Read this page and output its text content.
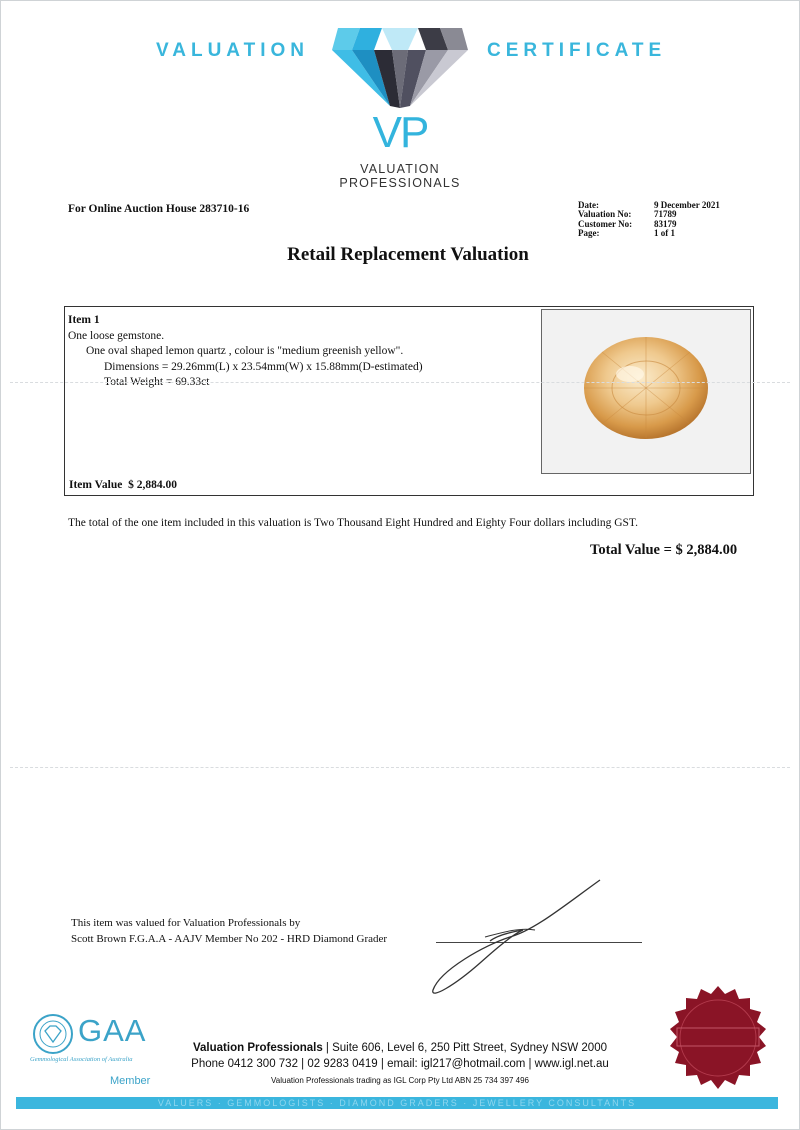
VALUATION	CERTIFICATE
VP
VALUATION
PROFESSIONALS
For Online Auction House 283710-16	Date:	9 December 2021
Valuation No:	71789
Customer No:	83179
Page:	1 of 1
Retail Replacement Valuation
Item 1
One loose gemstone.
One oval shaped lemon quartz , colour is "medium greenish yellow".
Dimensions = 29.26mm(L) x 23.54mm(W) x 15.88mm(D-estimated)
Total Weight = 69.33ct
Item Value $ 2,884.00
The total of the one item included in this valuation is Two Thousand Eight Hundred and Eighty Four dollars including GST.
Total Value = $ 2,884.00
This item was valued for Valuation Professionals by
Scott Brown F.G.A.A - AAJV Member No 202 - HRD Diamond Grader
GAA
Gemmological Association of Australia
Member
Valuation Professionals | Suite 606, Level 6, 250 Pitt Street, Sydney NSW 2000
Phone 0412 300 732 | 02 9283 0419 | email: igl217@hotmail.com | www.igl.net.au
Valuation Professionals trading as IGL Corp Pty Ltd ABN 25 734 397 496
VALUERS · GEMMOLOGISTS · DIAMOND GRADERS · JEWELLERY CONSULTANTS
